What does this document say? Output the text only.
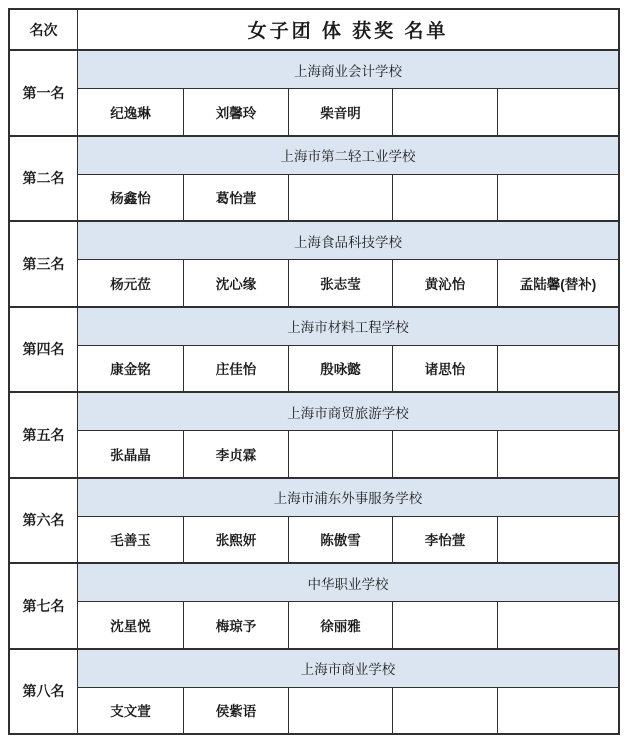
名次	女子团 体 获奖 名单
第一名
上海商业会计学校
纪逸琳	刘馨玲	柴音明
第二名
上海市第二轻工业学校
杨鑫怡	葛怡萱
第三名
上海食品科技学校
杨元莅	沈心缘	张志莹	黄沁怡	孟陆馨(替补)
第四名
上海市材料工程学校
康金铭	庄佳怡	殷咏懿	诸思怡
第五名
上海市商贸旅游学校
张晶晶	李贞霖
第六名
上海市浦东外事服务学校
毛善玉	张熙妍	陈傲雪	李怡萱
第七名
中华职业学校
沈星悦	梅琼予	徐丽雅
第八名
上海市商业学校
支文萱	侯紫语
